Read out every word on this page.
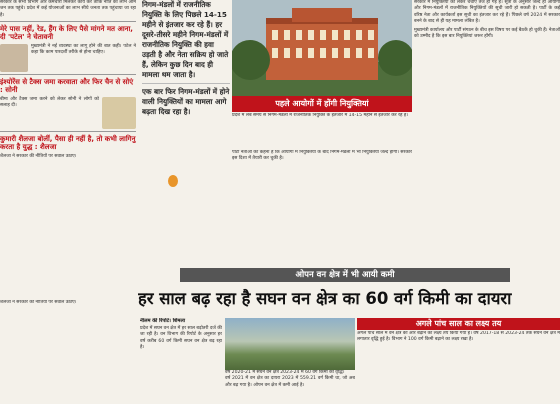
सरकार के सभी विभाग और कर्मचारी मिलकर कार्य करें ताकि नीति का लाभ आम जन तक पहुंचे। प्रदेश में कई योजनाओं का लाभ सीधे जनता तक पहुंचाया जा रहा है।

मेरे पास नहीं, रेड, हैंग के लिए पैसे मांगने मत आना, दी 'पटेल' ने चेतावनी

मुख्यमंत्री ने नई व्यवस्था का लागू होने की बात कही। पटेल ने कहा कि काम पारदर्शी तरीके से होना चाहिए।

इंश्योरेंस से टैक्स जमा करवाता और फिर चैन से सोएं : सोनी

बीमा और टैक्स जमा करने को लेकर सोनी ने लोगों को सलाह दी।

कुमारी शैलजा बोलीं, पैसा ही नहीं है, तो कभी लागिनु करता है युद्ध : शैलजा

शैलजा ने सरकार की नीतियों पर सवाल उठाए।

निगम-मंडलों में राजनीतिक नियुक्ति के लिए पिछले 14-15 महीने से इंतजार कर रहे हैं। हर दूसरे-तीसरे महीने निगम-मंडलों में राजनीतिक नियुक्ति की हवा उड़ती है और नेता सक्रिय हो जाते हैं, लेकिन कुछ दिन बाद ही मामला थम जाता है।

एक बार फिर निगम-मंडलों में होने वाली नियुक्तियों का मामला आगे बढ़ता दिख रहा है।

पहले आयोगों में होंगी नियुक्तियां

प्रदेश में लंबे समय से निगम-मंडलों में राजनीतिक नियुक्ति के इंतजार में 14-15 महीने से इंतजार कर रहे हैं।

पार्टी नेताओं का कहना है कि आयोगों में नियुक्तियों के बाद निगम-मंडलों में भी नियुक्तियां जल्द होंगी। सरकार इस दिशा में तैयारी कर चुकी है।

सरकार में नियुक्तियों को लेकर चर्चाएं तेज हो गई हैं। सूत्रों के अनुसार जल्द ही आयोगों और निगम-मंडलों में राजनीतिक नियुक्तियों की सूची जारी हो सकती है। पार्टी के कई वरिष्ठ नेता और कार्यकर्ता इस सूची का इंतजार कर रहे हैं। पिछले वर्ष 2024 में सरकार बनने के बाद से ही यह मामला लंबित है।

मुख्यमंत्री कार्यालय और पार्टी संगठन के बीच इस विषय पर कई बैठकें हो चुकी हैं। नेताओं को उम्मीद है कि इस बार नियुक्तियां जरूर होंगी।

ओपन वन क्षेत्र में भी आयी कमी
हर साल बढ़ रहा है सघन वन क्षेत्र का 60 वर्ग किमी का दायरा

शैलजा ने सरकार की नीतियों पर सवाल उठाए।

नीलम की रिपोर्ट। शिमला

प्रदेश में सघन वन क्षेत्र में हर साल बढ़ोतरी दर्ज की जा रही है। वन विभाग की रिपोर्ट के अनुसार हर वर्ष करीब 60 वर्ग किमी सघन वन क्षेत्र बढ़ रहा है।

वर्ष 2020-21 में सघन वन क्षेत्र 2023-24 में 60 वर्ग किमी की वृद्धि।

वर्ष 2021 में वन क्षेत्र का दायरा 2023 में 559.21 वर्ग किमी था, जो अब और बढ़ गया है। ओपन वन क्षेत्र में कमी आई है।

अगले पांच साल का लक्ष्य तय

अगले पांच साल में वन क्षेत्र को और बढ़ाने का लक्ष्य तय किया गया है। वर्ष 2017-18 से 2023-24 तक सघन वन क्षेत्र में लगातार वृद्धि हुई है। विभाग ने 100 वर्ग किमी बढ़ाने का लक्ष्य रखा है।
